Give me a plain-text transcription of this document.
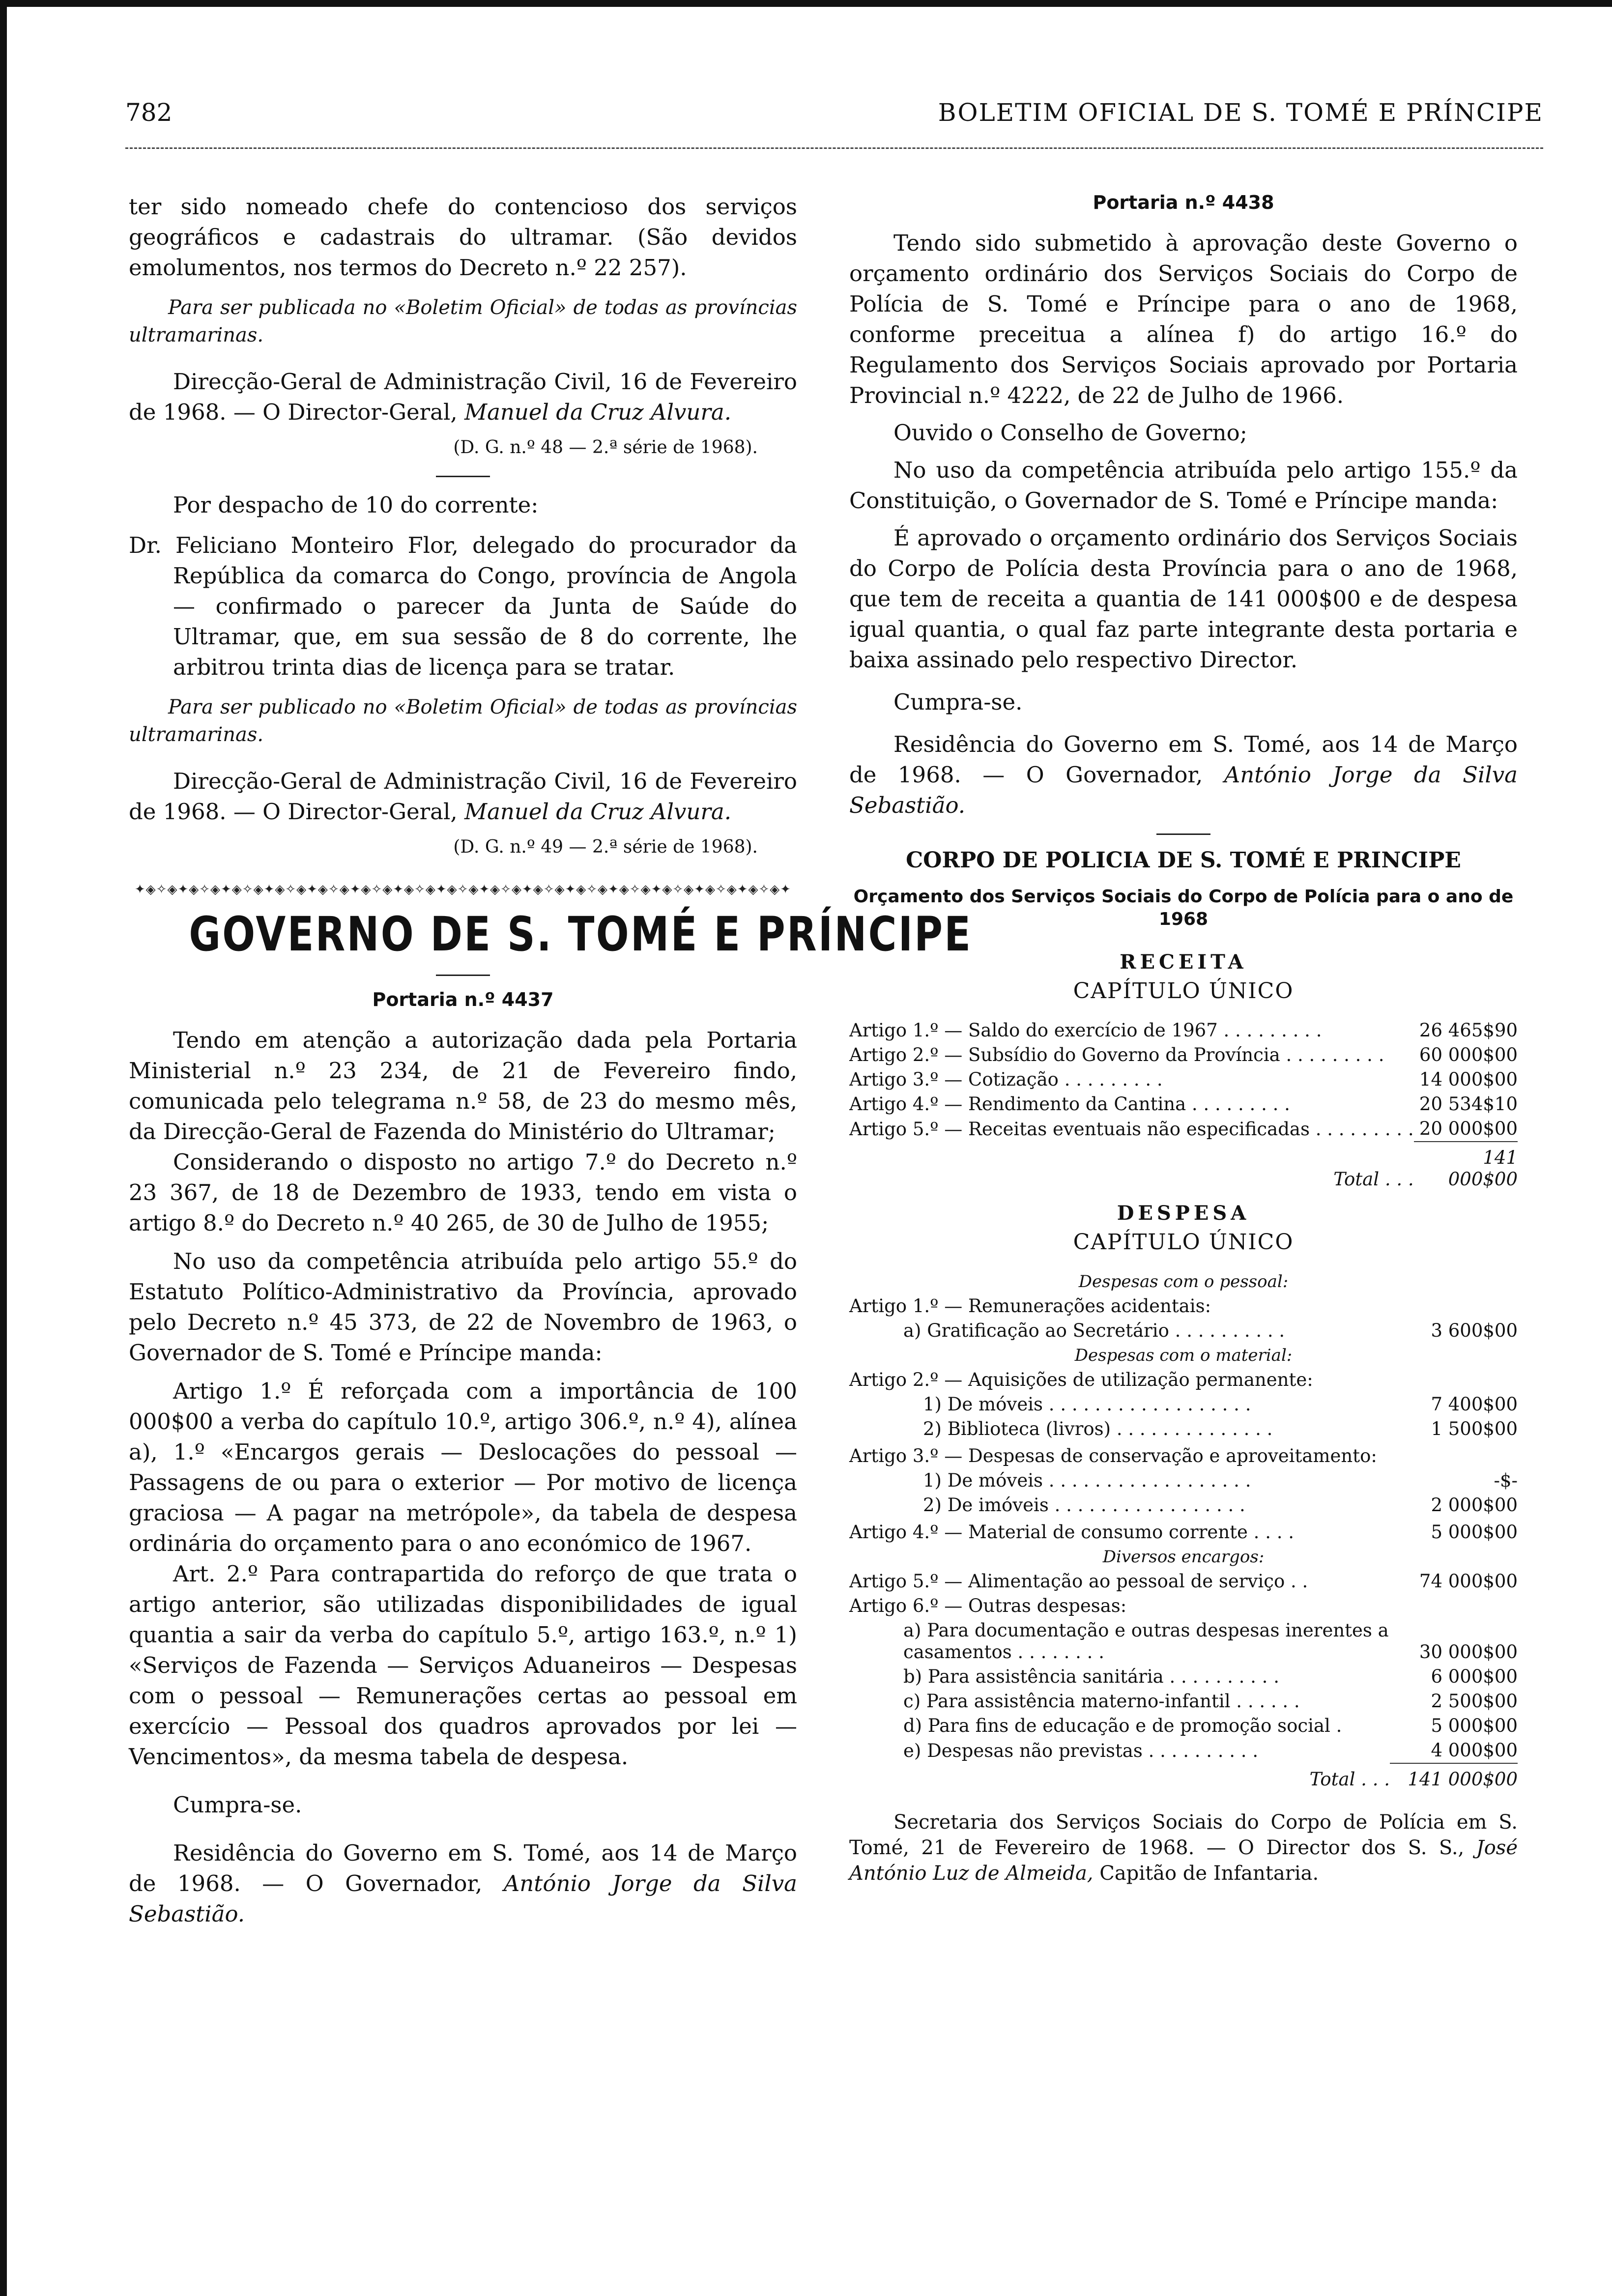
782	BOLETIM OFICIAL DE S. TOMÉ E PRÍNCIPE

ter sido nomeado chefe do contencioso dos serviços geográficos e cadastrais do ultramar. (São devidos emolumentos, nos termos do Decreto n.º 22 257).

Para ser publicada no «Boletim Oficial» de todas as províncias ultramarinas.

Direcção-Geral de Administração Civil, 16 de Fevereiro de 1968. — O Director-Geral, Manuel da Cruz Alvura.

(D. G. n.º 48 — 2.ª série de 1968).

Por despacho de 10 do corrente:

Dr. Feliciano Monteiro Flor, delegado do procurador da República da comarca do Congo, província de Angola — confirmado o parecer da Junta de Saúde do Ultramar, que, em sua sessão de 8 do corrente, lhe arbitrou trinta dias de licença para se tratar.

Para ser publicado no «Boletim Oficial» de todas as províncias ultramarinas.

Direcção-Geral de Administração Civil, 16 de Fevereiro de 1968. — O Director-Geral, Manuel da Cruz Alvura.

(D. G. n.º 49 — 2.ª série de 1968).

✦◈✧◈✦◈✧◈✦◈✧◈✦◈✧◈✦◈✧◈✦◈✧◈✦◈✧◈✦◈✧◈✦◈✧◈✦◈✧◈✦◈✧◈✦◈✧◈✦◈✧◈✦◈✧◈✦◈✧◈✦
GOVERNO DE S. TOMÉ E PRÍNCIPE
Portaria n.º 4437

Tendo em atenção a autorização dada pela Portaria Ministerial n.º 23 234, de 21 de Fevereiro findo, comunicada pelo telegrama n.º 58, de 23 do mesmo mês, da Direcção-Geral de Fazenda do Ministério do Ultramar;

Considerando o disposto no artigo 7.º do Decreto n.º 23 367, de 18 de Dezembro de 1933, tendo em vista o artigo 8.º do Decreto n.º 40 265, de 30 de Julho de 1955;

No uso da competência atribuída pelo artigo 55.º do Estatuto Político-Administrativo da Província, aprovado pelo Decreto n.º 45 373, de 22 de Novembro de 1963, o Governador de S. Tomé e Príncipe manda:

Artigo 1.º É reforçada com a importância de 100 000$00 a verba do capítulo 10.º, artigo 306.º, n.º 4), alínea a), 1.º «Encargos gerais — Deslocações do pessoal — Passagens de ou para o exterior — Por motivo de licença graciosa — A pagar na metrópole», da tabela de despesa ordinária do orçamento para o ano económico de 1967.

Art. 2.º Para contrapartida do reforço de que trata o artigo anterior, são utilizadas disponibilidades de igual quantia a sair da verba do capítulo 5.º, artigo 163.º, n.º 1) «Serviços de Fazenda — Serviços Aduaneiros — Despesas com o pessoal — Remunerações certas ao pessoal em exercício — Pessoal dos quadros aprovados por lei — Vencimentos», da mesma tabela de despesa.

Cumpra-se.

Residência do Governo em S. Tomé, aos 14 de Março de 1968. — O Governador, António Jorge da Silva Sebastião.

Portaria n.º 4438

Tendo sido submetido à aprovação deste Governo o orçamento ordinário dos Serviços Sociais do Corpo de Polícia de S. Tomé e Príncipe para o ano de 1968, conforme preceitua a alínea f) do artigo 16.º do Regulamento dos Serviços Sociais aprovado por Portaria Provincial n.º 4222, de 22 de Julho de 1966.

Ouvido o Conselho de Governo;

No uso da competência atribuída pelo artigo 155.º da Constituição, o Governador de S. Tomé e Príncipe manda:

É aprovado o orçamento ordinário dos Serviços Sociais do Corpo de Polícia desta Província para o ano de 1968, que tem de receita a quantia de 141 000$00 e de despesa igual quantia, o qual faz parte integrante desta portaria e baixa assinado pelo respectivo Director.

Cumpra-se.

Residência do Governo em S. Tomé, aos 14 de Março de 1968. — O Governador, António Jorge da Silva Sebastião.

CORPO DE POLICIA DE S. TOMÉ E PRINCIPE
Orçamento dos Serviços Sociais do Corpo de Polícia para o ano de 1968
RECEITA
CAPÍTULO ÚNICO
Artigo 1.º — Saldo do exercício de 1967 . . . . . . . . .	26 465$90
Artigo 2.º — Subsídio do Governo da Província . . . . . . . . .	60 000$00
Artigo 3.º — Cotização . . . . . . . . .	14 000$00
Artigo 4.º — Rendimento da Cantina . . . . . . . . .	20 534$10
Artigo 5.º — Receitas eventuais não especificadas . . . . . . . . .	20 000$00
Total . . .	141 000$00
DESPESA
CAPÍTULO ÚNICO
Despesas com o pessoal:	
Artigo 1.º — Remunerações acidentais:	
a) Gratificação ao Secretário . . . . . . . . . .	3 600$00
Despesas com o material:	
Artigo 2.º — Aquisições de utilização permanente:	
1) De móveis . . . . . . . . . . . . . . . . . .	7 400$00
2) Biblioteca (livros) . . . . . . . . . . . . . .	1 500$00
Artigo 3.º — Despesas de conservação e aproveitamento:	
1) De móveis . . . . . . . . . . . . . . . . . .	-$-
2) De imóveis . . . . . . . . . . . . . . . . .	2 000$00
Artigo 4.º — Material de consumo corrente . . . .	5 000$00
Diversos encargos:	
Artigo 5.º — Alimentação ao pessoal de serviço . .	74 000$00
Artigo 6.º — Outras despesas:	
a) Para documentação e outras despesas inerentes a casamentos . . . . . . . .	30 000$00
b) Para assistência sanitária . . . . . . . . . .	6 000$00
c) Para assistência materno-infantil . . . . . .	2 500$00
d) Para fins de educação e de promoção social .	5 000$00
e) Despesas não previstas . . . . . . . . . .	4 000$00
Total . . .	141 000$00

Secretaria dos Serviços Sociais do Corpo de Polícia em S. Tomé, 21 de Fevereiro de 1968. — O Director dos S. S., José António Luz de Almeida, Capitão de Infantaria.
